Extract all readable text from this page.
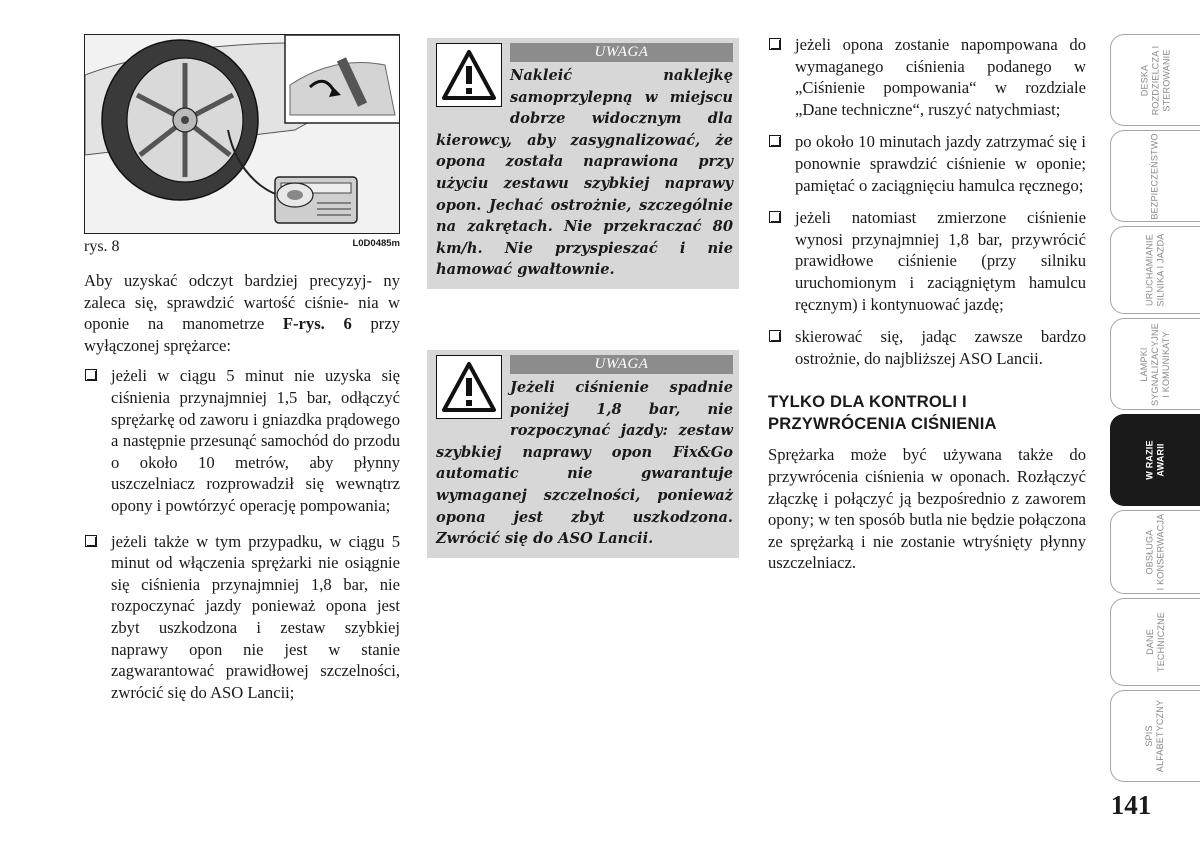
rys. 8	L0D0485m

Aby uzyskać odczyt bardziej precyzyj- ny zaleca się, sprawdzić wartość ciśnie- nia w oponie na manometrze F-rys. 6 przy wyłączonej sprężarce:

jeżeli w ciągu 5 minut nie uzyska się ciśnienia przynajmniej 1,5 bar, odłączyć sprężarkę od zaworu i gniazdka prądowego a następnie przesunąć samochód do przodu o około 10 metrów, aby płynny uszczelniacz rozprowadził się wewnątrz opony i powtórzyć operację pompowania;
jeżeli także w tym przypadku, w ciągu 5 minut od włączenia sprężarki nie osiągnie się ciśnienia przynajmniej 1,8 bar, nie rozpoczynać jazdy ponieważ opona jest zbyt uszkodzona i zestaw szybkiej naprawy opon nie jest w stanie zagwarantować prawidłowej szczelności, zwrócić się do ASO Lancii;
UWAGA
Nakleić naklejkę samoprzylepną w miejscu dobrze widocznym dla kierowcy, aby zasygnalizować, że opona została naprawiona przy użyciu zestawu szybkiej naprawy opon. Jechać ostrożnie, szczególnie na zakrętach. Nie przekraczać 80 km/h. Nie przyspieszać i nie hamować gwałtownie.
UWAGA
Jeżeli ciśnienie spadnie poniżej 1,8 bar, nie rozpoczynać jazdy: zestaw szybkiej naprawy opon Fix&Go automatic nie gwarantuje wymaganej szczelności, ponieważ opona jest zbyt uszkodzona. Zwrócić się do ASO Lancii.
jeżeli opona zostanie napompowana do wymaganego ciśnienia podanego w „Ciśnienie pompowania“ w rozdziale „Dane techniczne“, ruszyć natychmiast;
po około 10 minutach jazdy zatrzymać się i ponownie sprawdzić ciśnienie w oponie; pamiętać o zaciągnięciu hamulca ręcznego;
jeżeli natomiast zmierzone ciśnienie wynosi przynajmniej 1,8 bar, przywrócić prawidłowe ciśnienie (przy silniku uruchomionym i zaciągniętym hamulcu ręcznym) i kontynuować jazdę;
skierować się, jadąc zawsze bardzo ostrożnie, do najbliższej ASO Lancii.
TYLKO DLA KONTROLI I
PRZYWRÓCENIA CIŚNIENIA

Sprężarka może być używana także do przywrócenia ciśnienia w oponach. Rozłączyć złączkę i połączyć ją bezpośrednio z zaworem opony; w ten sposób butla nie będzie połączona ze sprężarką i nie zostanie wtryśnięty płynny uszczelniacz.

DESKA ROZDZIELCZA I STEROWANIE
BEZPIECZEŃSTWO
URUCHAMIANIE SILNIKA I JAZDA
LAMPKI SYGNALIZACYJNE I KOMUNIKATY
W RAZIE AWARII
OBSŁUGA I KONSERWACJA
DANE TECHNICZNE
SPIS ALFABETYCZNY
141
